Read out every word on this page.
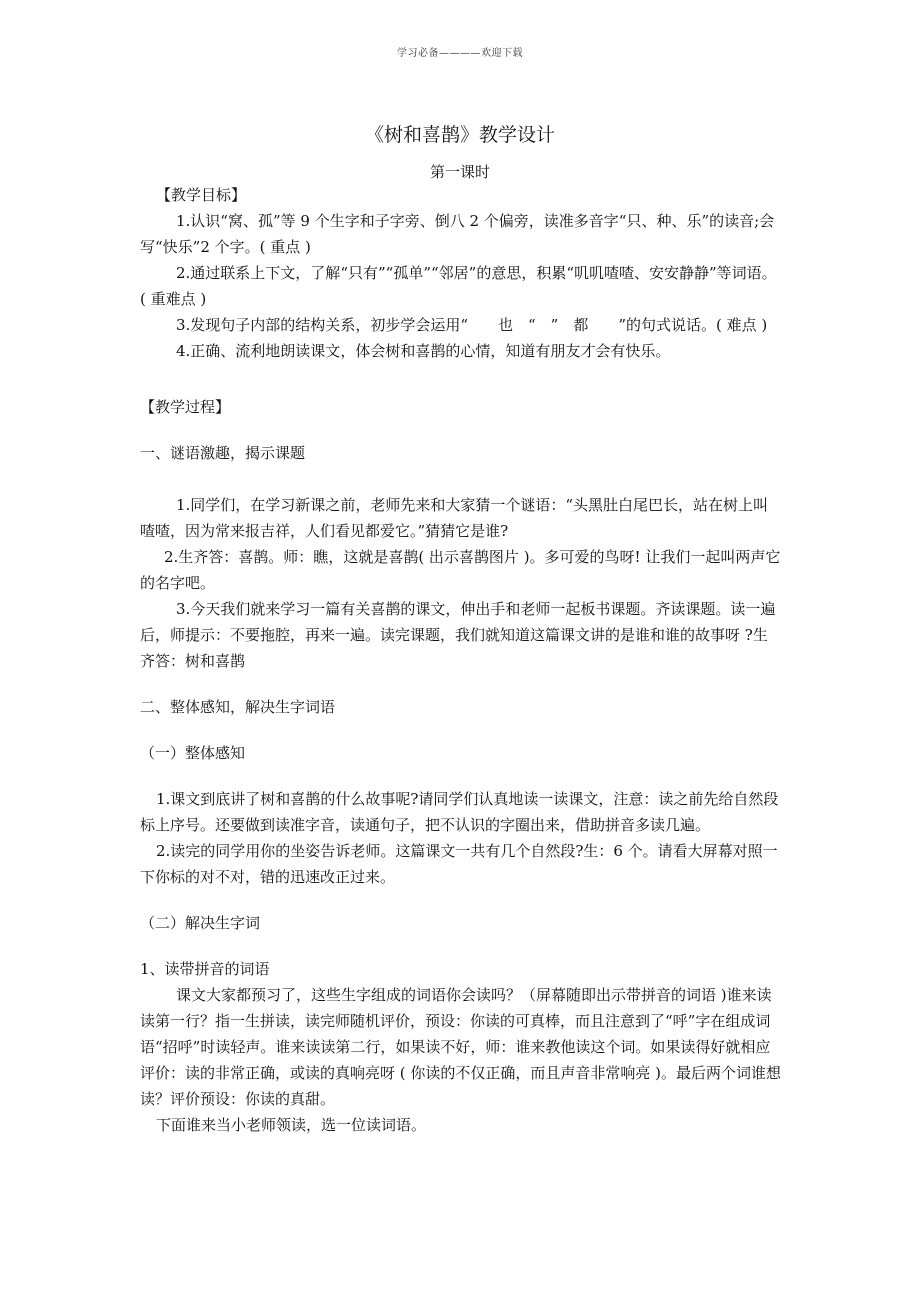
学习必备————欢迎下载
《树和喜鹊》教学设计
第一课时

【教学目标】

1.认识“窝、孤”等 9 个生字和子字旁、倒八 2 个偏旁，读准多音字“只、种、乐”的读音;会写“快乐”2 个字。( 重点 )

2.通过联系上下文，了解“只有”“孤单”“邻居”的意思，积累“叽叽喳喳、安安静静”等词语。( 重难点 )

3.发现句子内部的结构关系，初步学会运用“　　也　“　”　都　　”的句式说话。( 难点 )

4.正确、流利地朗读课文，体会树和喜鹊的心情，知道有朋友才会有快乐。

【教学过程】

一、谜语激趣，揭示课题

1.同学们，在学习新课之前，老师先来和大家猜一个谜语：“头黑肚白尾巴长，站在树上叫喳喳，因为常来报吉祥，人们看见都爱它。”猜猜它是谁?

2.生齐答：喜鹊。师：瞧，这就是喜鹊( 出示喜鹊图片 )。多可爱的鸟呀! 让我们一起叫两声它的名字吧。

3.今天我们就来学习一篇有关喜鹊的课文，伸出手和老师一起板书课题。齐读课题。读一遍后，师提示：不要拖腔，再来一遍。读完课题，我们就知道这篇课文讲的是谁和谁的故事呀 ?生齐答：树和喜鹊

二、整体感知，解决生字词语

（一）整体感知

1.课文到底讲了树和喜鹊的什么故事呢?请同学们认真地读一读课文，注意：读之前先给自然段标上序号。还要做到读准字音，读通句子，把不认识的字圈出来，借助拼音多读几遍。

2.读完的同学用你的坐姿告诉老师。这篇课文一共有几个自然段?生：6 个。请看大屏幕对照一下你标的对不对，错的迅速改正过来。

（二）解决生字词

1、读带拼音的词语

课文大家都预习了，这些生字组成的词语你会读吗？（屏幕随即出示带拼音的词语 )谁来读读第一行？指一生拼读，读完师随机评价，预设：你读的可真棒，而且注意到了“呼”字在组成词语“招呼”时读轻声。谁来读读第二行，如果读不好，师：谁来教他读这个词。如果读得好就相应评价：读的非常正确，或读的真响亮呀 ( 你读的不仅正确，而且声音非常响亮 )。最后两个词谁想读？评价预设：你读的真甜。

下面谁来当小老师领读，选一位读词语。
